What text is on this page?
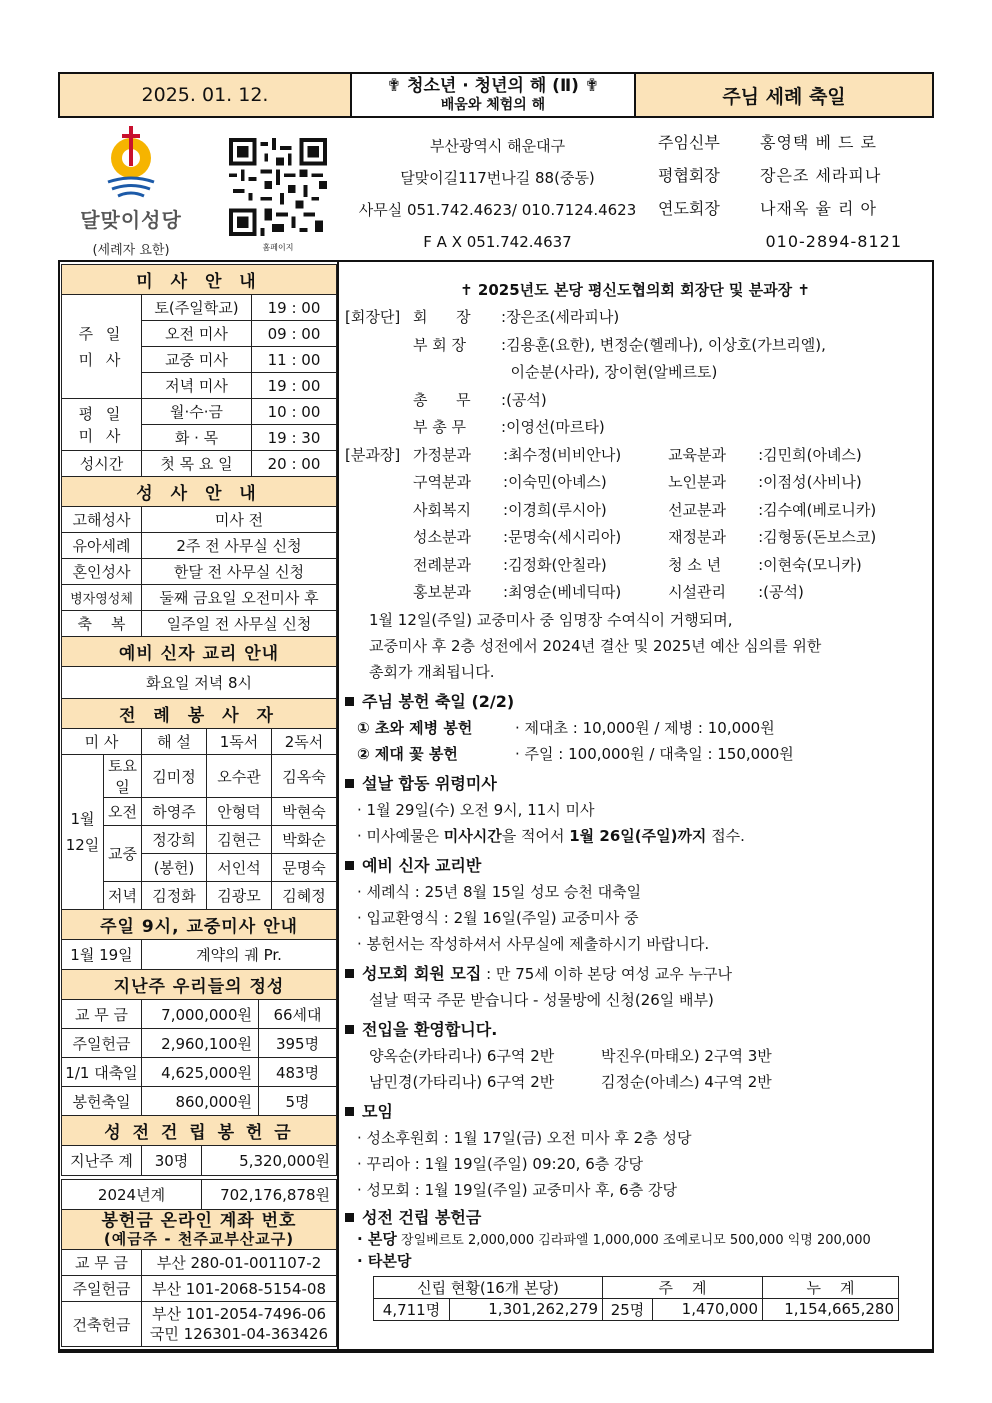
2025. 01. 12.	✟ 청소년 · 청년의 해 (Ⅱ) ✟
배움와 체험의 해	주님 세례 축일
달맞이성당
(세례자 요한)	홈페이지
부산광역시 해운대구
달맞이길117번나길 88(중동)
사무실 051.742.4623/ 010.7124.4623
F A X 051.742.4637
주임신부	홍영택 베 드 로
평협회장	장은조 세라피나
연도회장	나재옥 율 리 아
010-2894-8121
미 사 안 내		
주 일
미 사	토(주일학교)	19 : 00
	오전 미사	09 : 00
	교중 미사	11 : 00
	저녁 미사	19 : 00
평 일
미 사	월·수·금	10 : 00
	화 · 목	19 : 30
성시간	첫 목 요 일	20 : 00
성 사 안 내	
고해성사	미사 전
유아세례	2주 전 사무실 신청
혼인성사	한달 전 사무실 신청
병자영성체	둘째 금요일 오전미사 후
축    복	일주일 전 사무실 신청
예비 신자 교리 안내
화요일 저녁 8시
전 례 봉 사 자				
미 사		해 설	1독서	2독서
1월
12일	토요일	김미정	오수관	김옥숙
	오전	하영주	안형덕	박현숙
	교중	정강희	김현근	박화순
		(봉헌)	서인석	문명숙
	저녁	김정화	김광모	김혜정
주일 9시, 교중미사 안내
1월 19일	계약의 궤 Pr.
지난주 우리들의 정성		
교 무 금	7,000,000원	66세대
주일헌금	2,960,100원	395명
1/1 대축일	4,625,000원	483명
봉헌축일	860,000원	5명
성 전 건 립 봉 헌 금
지난주 계	30명	5,320,000원
2024년계	702,176,878원
봉헌금 온라인 계좌 번호
(예금주 - 천주교부산교구)	

교 무 금	부산 280-01-001107-2
주일헌금	부산 101-2068-5154-08
건축헌금	부산 101-2054-7496-06
국민 126301-04-363426
✝ 2025년도 본당 평신도협의회 회장단 및 분과장 ✝
[회장단] 회      장	: 장은조(세라피나)
부 회 장	: 김용훈(요한), 변정순(헬레나), 이상호(가브리엘),

이순분(사라), 장이현(알베르토)
총      무	: (공석)
부 총 무	: 이영선(마르타)
[분과장] 가정분과	: 최수정(비비안나)	교육분과	: 김민희(아녜스)
구역분과	: 이숙민(아녜스)	노인분과	: 이점성(사비나)
사회복지	: 이경희(루시아)	선교분과	: 김수예(베로니카)
성소분과	: 문명숙(세시리아)	재정분과	: 김형동(돈보스코)
전례분과	: 김정화(안칠라)	청 소 년	: 이현숙(모니카)
홍보분과	: 최영순(베네딕따)	시설관리	: (공석)
1월 12일(주일) 교중미사 중 임명장 수여식이 거행되며,
교중미사 후 2층 성전에서 2024년 결산 및 2025년 예산 심의를 위한
총회가 개최됩니다.
주님 봉헌 축일 (2/2)
① 초와 제병 봉헌	· 제대초 : 10,000원 / 제병 : 10,000원
② 제대 꽃 봉헌	· 주일 : 100,000원 / 대축일 : 150,000원
설날 합동 위령미사
· 1월 29일(수) 오전 9시, 11시 미사
· 미사예물은 미사시간을 적어서 1월 26일(주일)까지 접수.
예비 신자 교리반
· 세례식 : 25년 8월 15일 성모 승천 대축일
· 입교환영식 : 2월 16일(주일) 교중미사 중
· 봉헌서는 작성하셔서 사무실에 제출하시기 바랍니다.
성모회 회원 모집 : 만 75세 이하 본당 여성 교우 누구나
설날 떡국 주문 받습니다 - 성물방에 신청(26일 배부)
전입을 환영합니다.
양옥순(카타리나) 6구역 2반	박진우(마태오) 2구역 3반
남민경(가타리나) 6구역 2반	김정순(아녜스) 4구역 2반
모임
· 성소후원회 : 1월 17일(금) 오전 미사 후 2층 성당
· 꾸리아 : 1월 19일(주일) 09:20, 6층 강당
· 성모회 : 1월 19일(주일) 교중미사 후, 6층 강당
성전 건립 봉헌금
· 본당 장일베르토 2,000,000 김라파엘 1,000,000 조예로니모 500,000 익명 200,000
· 타본당
신립 현황(16개 본당)		주    계		누    계
4,711명	1,301,262,279	25명	1,470,000	1,154,665,280
